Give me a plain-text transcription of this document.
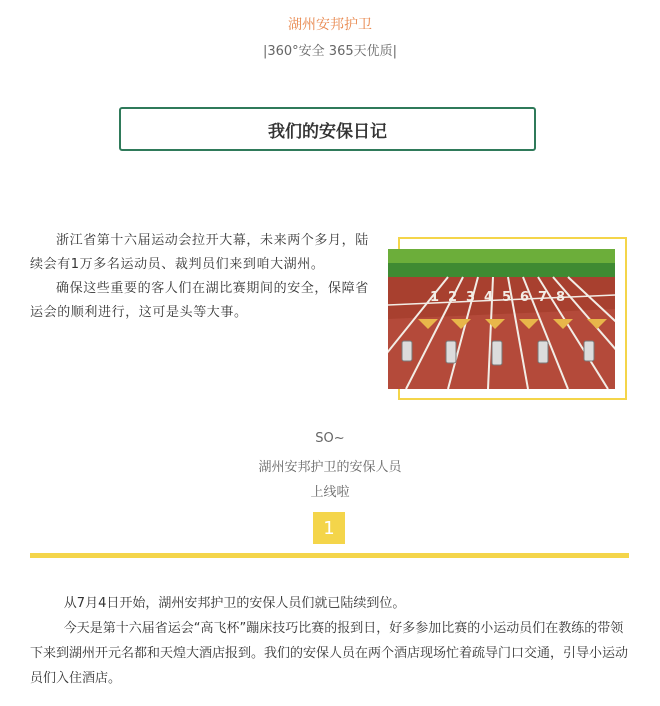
湖州安邦护卫
|360°安全 365天优质|
我们的安保日记

浙江省第十六届运动会拉开大幕，未来两个多月，陆续会有1万多名运动员、裁判员们来到咱大湖州。

确保这些重要的客人们在湖比赛期间的安全，保障省运会的顺利进行，这可是头等大事。

1 2 3 4 5 6 7 8
SO~
湖州安邦护卫的安保人员
上线啦
1

从7月4日开始，湖州安邦护卫的安保人员们就已陆续到位。

今天是第十六届省运会“高飞杯”蹦床技巧比赛的报到日，好多参加比赛的小运动员们在教练的带领下来到湖州开元名都和天煌大酒店报到。我们的安保人员在两个酒店现场忙着疏导门口交通，引导小运动员们入住酒店。
